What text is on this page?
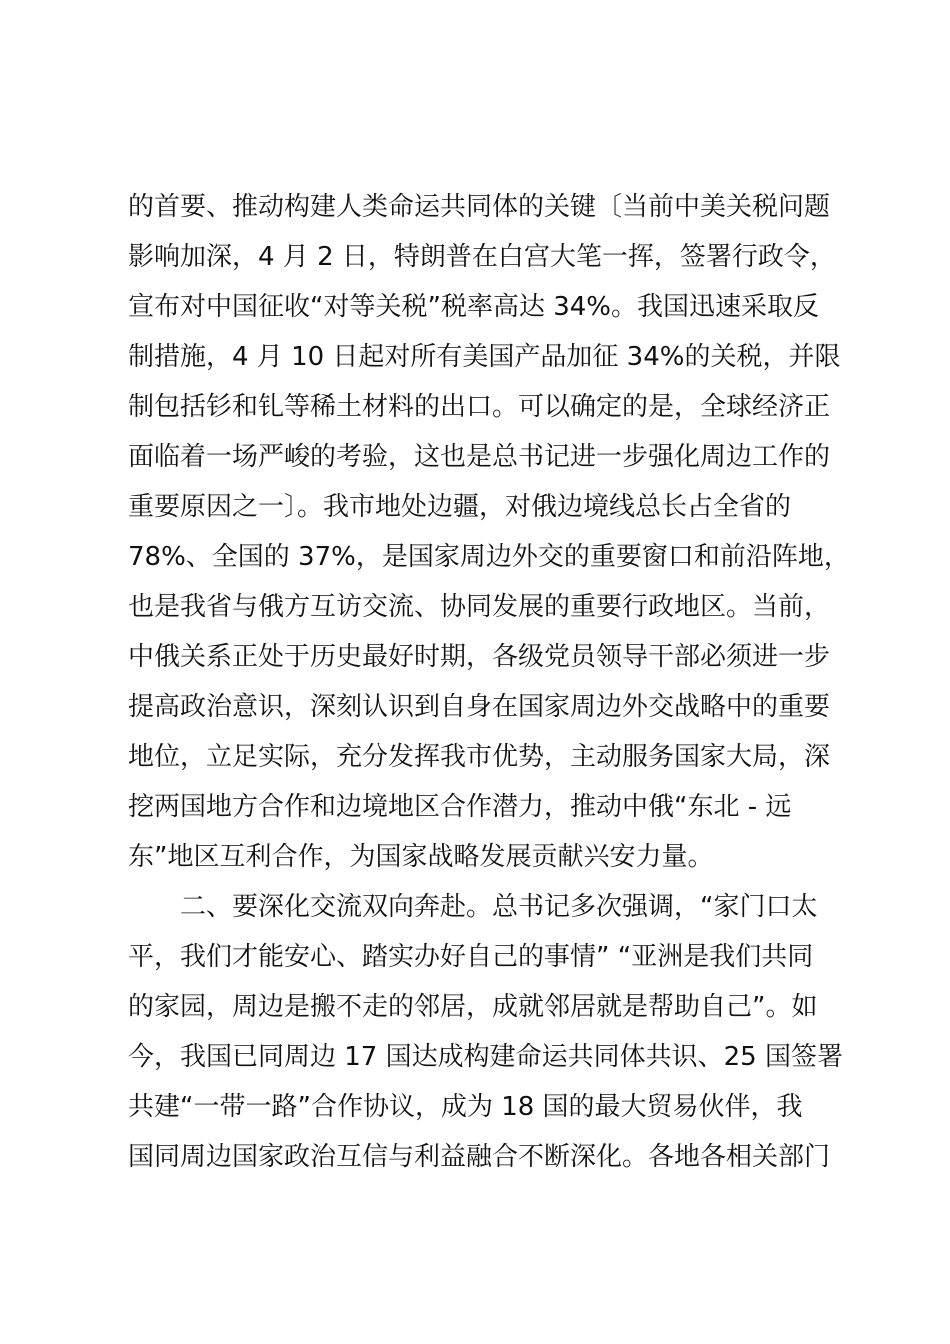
的首要、推动构建人类命运共同体的关键〔当前中美关税问题
影响加深，4 月 2 日，特朗普在白宫大笔一挥，签署行政令，
宣布对中国征收“对等关税”税率高达 34%。我国迅速采取反
制措施，4 月 10 日起对所有美国产品加征 34%的关税，并限
制包括钐和钆等稀土材料的出口。可以确定的是，全球经济正
面临着一场严峻的考验，这也是总书记进一步强化周边工作的
重要原因之一〕。我市地处边疆，对俄边境线总长占全省的
78%、全国的 37%，是国家周边外交的重要窗口和前沿阵地，
也是我省与俄方互访交流、协同发展的重要行政地区。当前，
中俄关系正处于历史最好时期，各级党员领导干部必须进一步
提高政治意识，深刻认识到自身在国家周边外交战略中的重要
地位，立足实际，充分发挥我市优势，主动服务国家大局，深
挖两国地方合作和边境地区合作潜力，推动中俄“东北 - 远
东”地区互利合作，为国家战略发展贡献兴安力量。
二、要深化交流双向奔赴。总书记多次强调，“家门口太
平，我们才能安心、踏实办好自己的事情” “亚洲是我们共同
的家园，周边是搬不走的邻居，成就邻居就是帮助自己”。如
今，我国已同周边 17 国达成构建命运共同体共识、25 国签署
共建“一带一路”合作协议，成为 18 国的最大贸易伙伴，我
国同周边国家政治互信与利益融合不断深化。各地各相关部门
